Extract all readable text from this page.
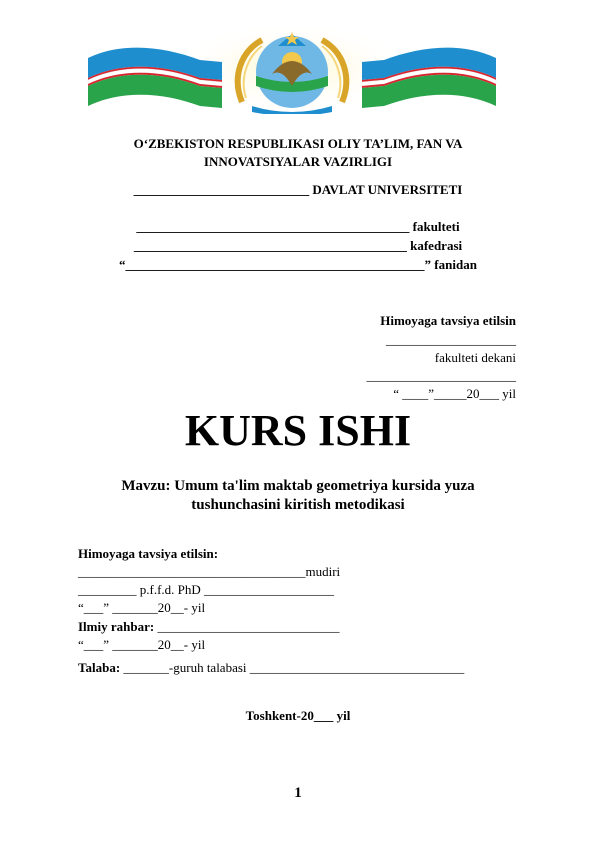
O‘ZBEKISTON RESPUBLIKASI OLIY TA’LIM, FAN VA
INNOVATSIYALAR VAZIRLIGI
___________________________ DAVLAT UNIVERSITETI
__________________________________________ fakulteti
__________________________________________ kafedrasi
“______________________________________________” fanidan
Himoyaga tavsiya etilsin
____________________
fakulteti dekani
_______________________
“ ____”_____20___ yil
KURS ISHI
Mavzu: Umum ta'lim maktab geometriya kursida yuza
tushunchasini kiritish metodikasi
Himoyaga tavsiya etilsin:
___________________________________mudiri
_________ p.f.f.d. PhD ____________________
“___” _______20__- yil
Ilmiy rahbar: ____________________________
“___” _______20__- yil
Talaba: _______-guruh talabasi _________________________________
Toshkent-20___ yil
1
